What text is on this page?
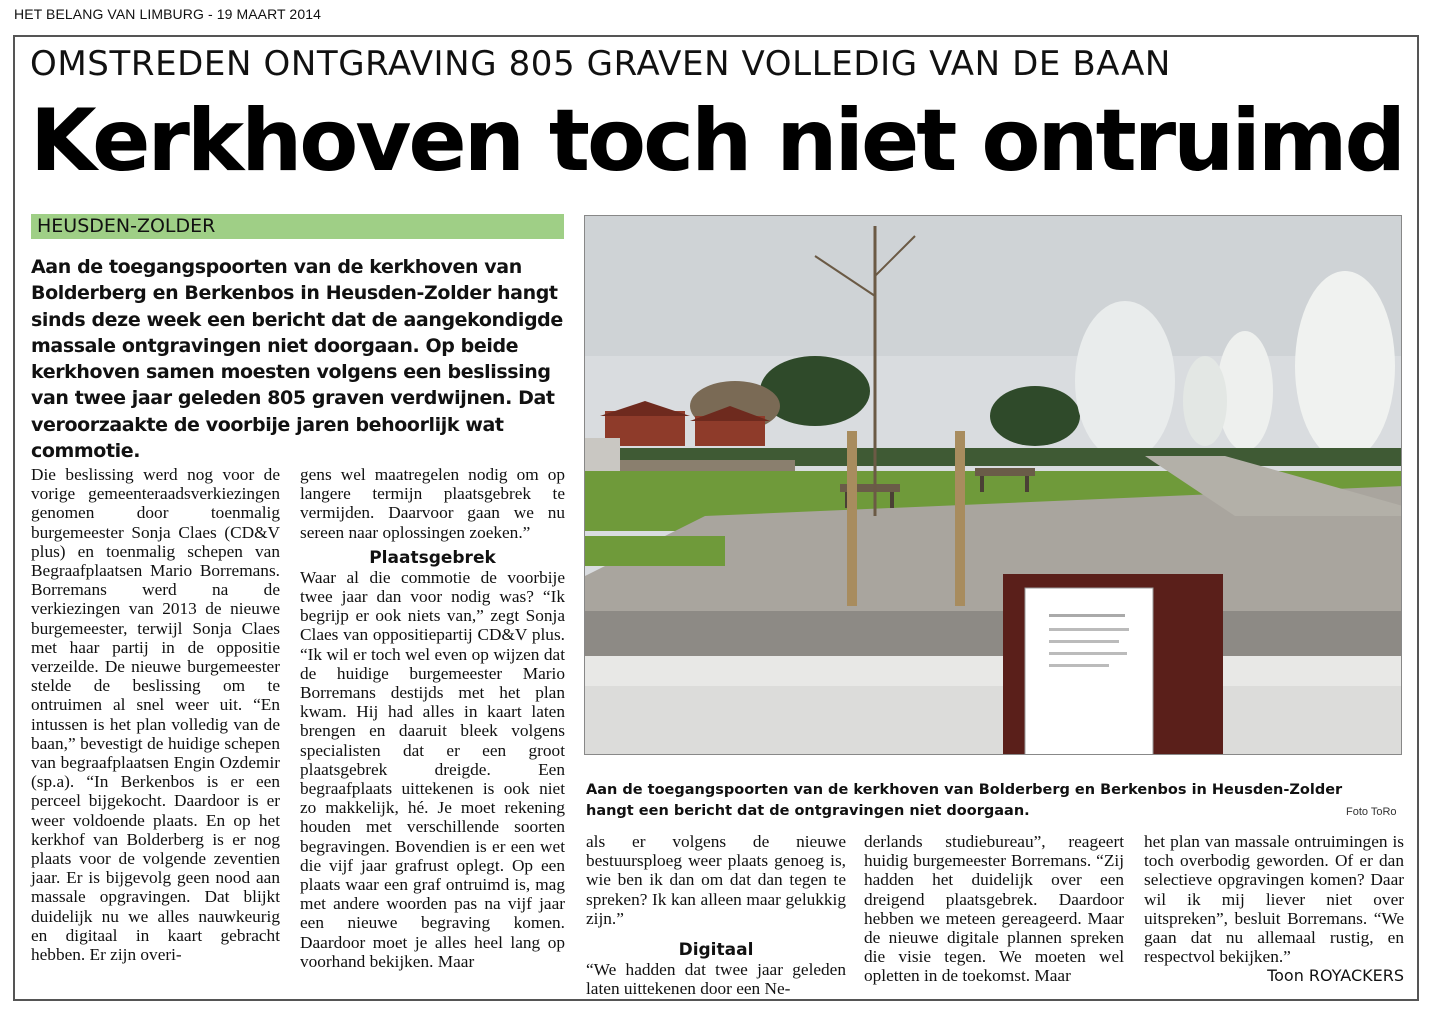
HET BELANG VAN LIMBURG - 19 MAART 2014
OMSTREDEN ONTGRAVING 805 GRAVEN VOLLEDIG VAN DE BAAN
Kerkhoven toch niet ontruimd
HEUSDEN-ZOLDER
Aan de toegangspoorten van de kerkhoven van Bolderberg en Berkenbos in Heusden-Zolder hangt sinds deze week een bericht dat de aangekondigde massale ontgravingen niet doorgaan. Op beide kerkhoven samen moesten volgens een beslissing van twee jaar geleden 805 graven verdwijnen. Dat veroorzaakte de voorbije jaren behoorlijk wat commotie.

Die beslissing werd nog voor de vorige gemeenteraadsverkiezingen genomen door toenmalig burgemeester Sonja Claes (CD&V plus) en toenmalig schepen van Begraafplaatsen Mario Borremans. Borremans werd na de verkiezingen van 2013 de nieuwe burgemeester, terwijl Sonja Claes met haar partij in de oppositie verzeilde. De nieuwe burgemeester stelde de beslissing om te ontruimen al snel weer uit. “En intussen is het plan volledig van de baan,” bevestigt de huidige schepen van begraafplaatsen Engin Ozdemir (sp.a). “In Berkenbos is er een perceel bijgekocht. Daardoor is er weer voldoende plaats. En op het kerkhof van Bolderberg is er nog plaats voor de volgende zeventien jaar. Er is bijgevolg geen nood aan massale opgravingen. Dat blijkt duidelijk nu we alles nauwkeurig en digitaal in kaart gebracht hebben. Er zijn overi-

gens wel maatregelen nodig om op langere termijn plaatsgebrek te vermijden. Daarvoor gaan we nu sereen naar oplossingen zoeken.”

Plaatsgebrek

Waar al die commotie de voorbije twee jaar dan voor nodig was? “Ik begrijp er ook niets van,” zegt Sonja Claes van oppositiepartij CD&V plus. “Ik wil er toch wel even op wijzen dat de huidige burgemeester Mario Borremans destijds met het plan kwam. Hij had alles in kaart laten brengen en daaruit bleek volgens specialisten dat er een groot plaatsgebrek dreigde. Een begraafplaats uittekenen is ook niet zo makkelijk, hé. Je moet rekening houden met verschillende soorten begravingen. Bovendien is er een wet die vijf jaar grafrust oplegt. Op een plaats waar een graf ontruimd is, mag met andere woorden pas na vijf jaar een nieuwe begraving komen. Daardoor moet je alles heel lang op voorhand bekijken. Maar

als er volgens de nieuwe bestuursploeg weer plaats genoeg is, wie ben ik dan om dat dan tegen te spreken? Ik kan alleen maar gelukkig zijn.”

Digitaal

“We hadden dat twee jaar geleden laten uittekenen door een Ne-

derlands studiebureau”, reageert huidig burgemeester Borremans. “Zij hadden het duidelijk over een dreigend plaatsgebrek. Daardoor hebben we meteen gereageerd. Maar de nieuwe digitale plannen spreken die visie tegen. We moeten wel opletten in de toekomst. Maar

het plan van massale ontruimingen is toch overbodig geworden. Of er dan selectieve opgravingen komen? Daar wil ik mij liever niet over uitspreken”, besluit Borremans. “We gaan dat nu allemaal rustig, en respectvol bekijken.”

Toon ROYACKERS

Aan de toegangspoorten van de kerkhoven van Bolderberg en Berkenbos in Heusden-Zolder
hangt een bericht dat de ontgravingen niet doorgaan.	Foto ToRo
